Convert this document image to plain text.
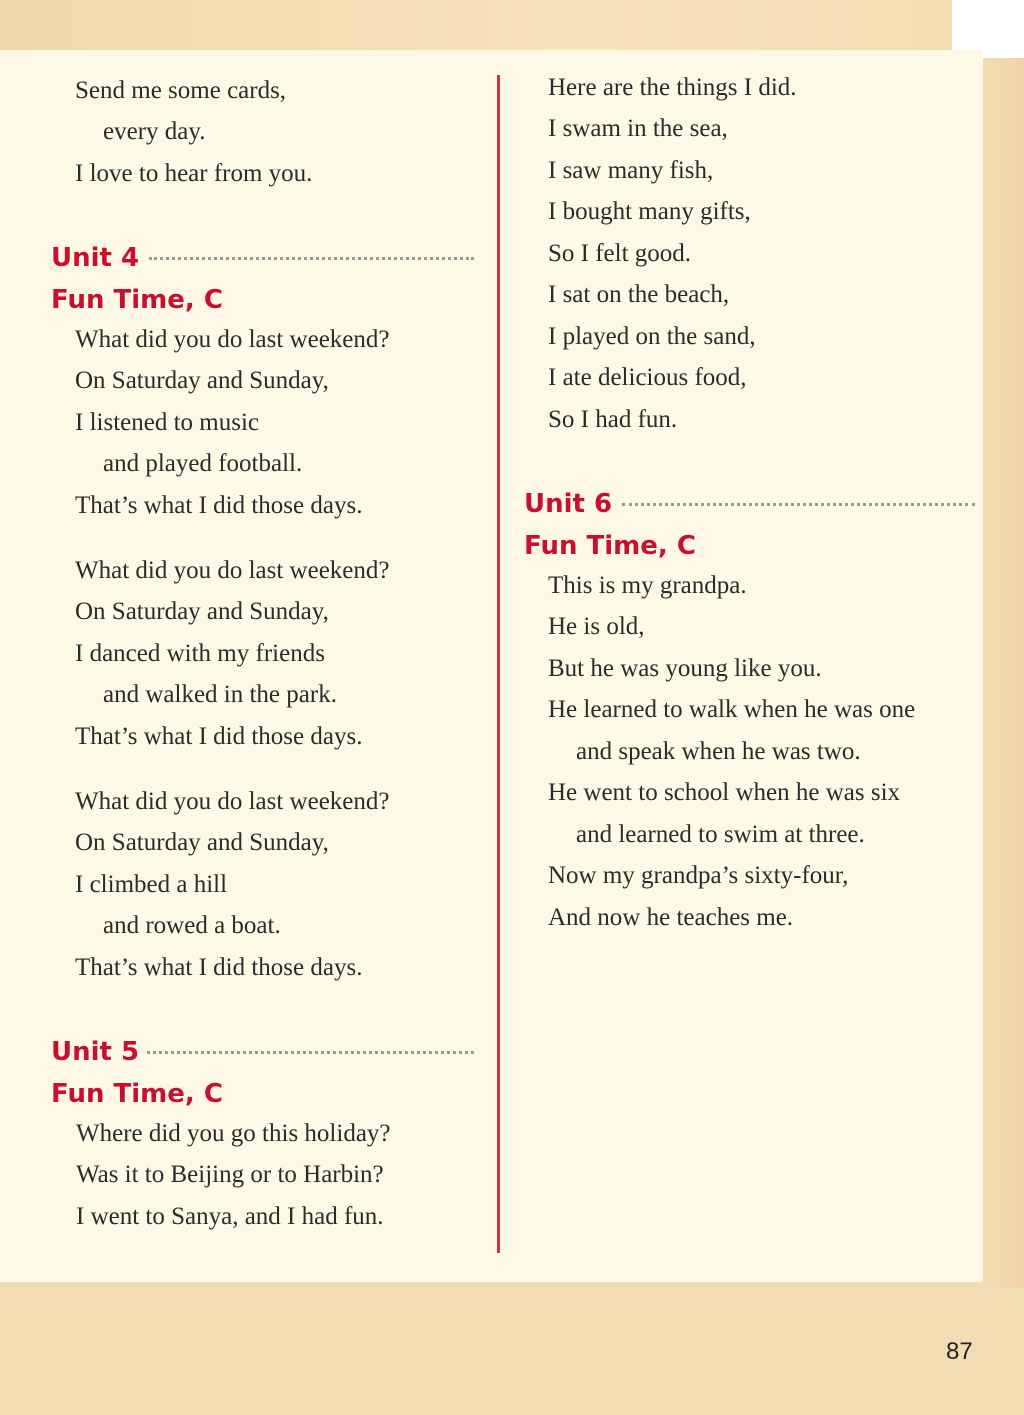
Send me some cards,

every day.

I love to hear from you.

Unit 4

Fun Time, C

What did you do last weekend?

On Saturday and Sunday,

I listened to music

and played football.

That’s what I did those days.

What did you do last weekend?

On Saturday and Sunday,

I danced with my friends

and walked in the park.

That’s what I did those days.

What did you do last weekend?

On Saturday and Sunday,

I climbed a hill

and rowed a boat.

That’s what I did those days.

Unit 5

Fun Time, C

Where did you go this holiday?

Was it to Beijing or to Harbin?

I went to Sanya, and I had fun.

Here are the things I did.

I swam in the sea,

I saw many fish,

I bought many gifts,

So I felt good.

I sat on the beach,

I played on the sand,

I ate delicious food,

So I had fun.

Unit 6

Fun Time, C

This is my grandpa.

He is old,

But he was young like you.

He learned to walk when he was one

and speak when he was two.

He went to school when he was six

and learned to swim at three.

Now my grandpa’s sixty-four,

And now he teaches me.

87
